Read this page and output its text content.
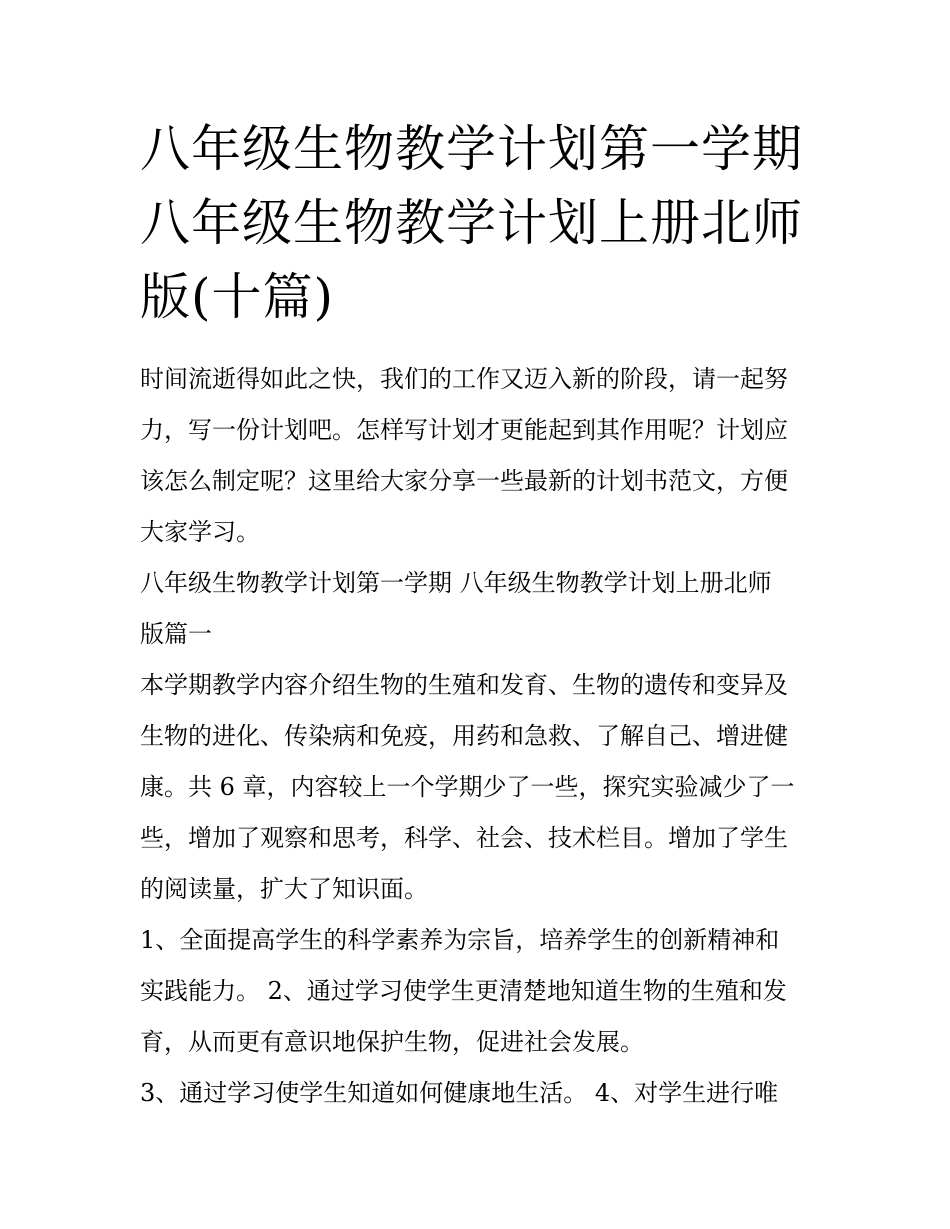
八年级生物教学计划第一学期
八年级生物教学计划上册北师
版(十篇)

时间流逝得如此之快，我们的工作又迈入新的阶段，请一起努
力，写一份计划吧。怎样写计划才更能起到其作用呢？计划应
该怎么制定呢？这里给大家分享一些最新的计划书范文，方便
大家学习。

八年级生物教学计划第一学期 八年级生物教学计划上册北师
版篇一

本学期教学内容介绍生物的生殖和发育、生物的遗传和变异及
生物的进化、传染病和免疫，用药和急救、了解自己、增进健
康。共 6 章，内容较上一个学期少了一些，探究实验减少了一
些，增加了观察和思考，科学、社会、技术栏目。增加了学生
的阅读量，扩大了知识面。

1、全面提高学生的科学素养为宗旨，培养学生的创新精神和
实践能力。 2、通过学习使学生更清楚地知道生物的生殖和发
育，从而更有意识地保护生物，促进社会发展。

3、通过学习使学生知道如何健康地生活。 4、对学生进行唯
